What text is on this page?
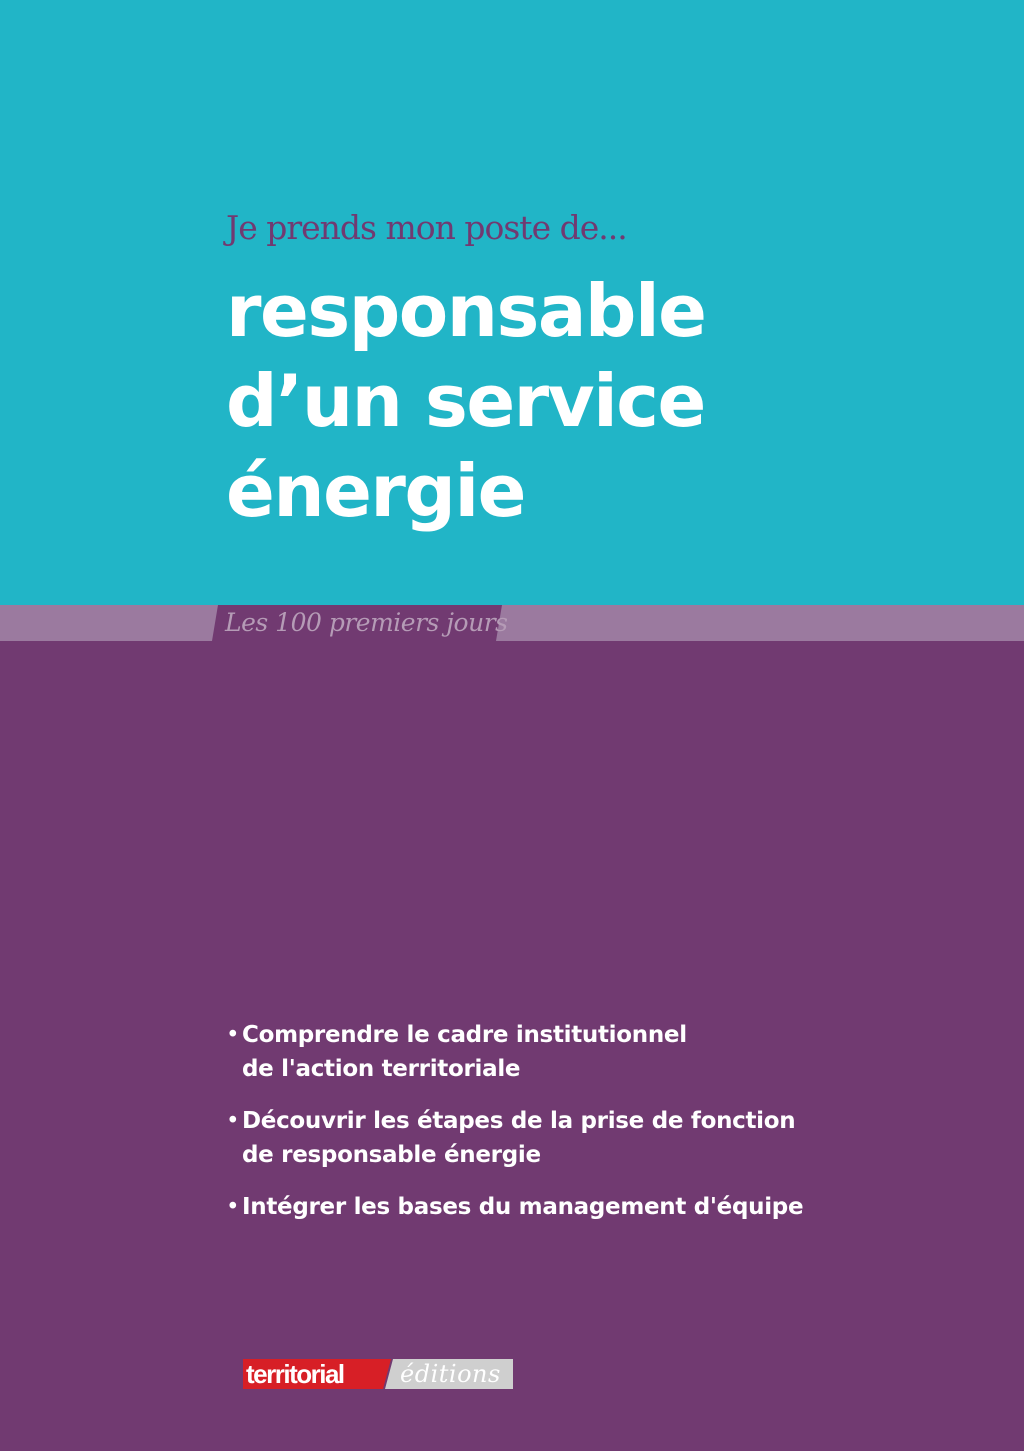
Je prends mon poste de...
responsable
d’un service
énergie
Les 100 premiers jours
• Comprendre le cadre institutionnel
de l'action territoriale
• Découvrir les étapes de la prise de fonction
de responsable énergie
• Intégrer les bases du management d'équipe
territorial éditions
